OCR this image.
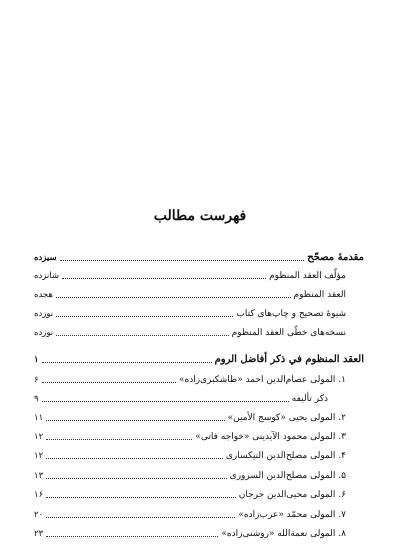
فهرست مطالب
مقدمهٔ مصحّح
سیزده
مؤلّف العقد المنظوم
شانزده
العقد المنظوم
هجده
شیوهٔ تصحیح و چاپ‌های کتاب
نوزده
نسخه‌های خطّی العقد المنظوم
نوزده
العقد المنظوم في ذکر أفاضل الروم
١
١. المولی عصام‌الدین احمد «طاشکبری‌زاده»
۶
ذکر تألیفه
۹
٢. المولی یحیی «کوسج الأمین»
١١
٣. المولی محمود الآیدینی «خواجه فاتی»
١٢
۴. المولی مصلح‌الدین النیکساری
١٢
۵. المولی مصلح‌الدین السروری
١٣
۶. المولی محیی‌الدین جرجان
١۶
٧. المولی محمّد «عرب‌زاده»
٢٠
٨. المولی نعمةالله «روشنی‌زاده»
٢٣
